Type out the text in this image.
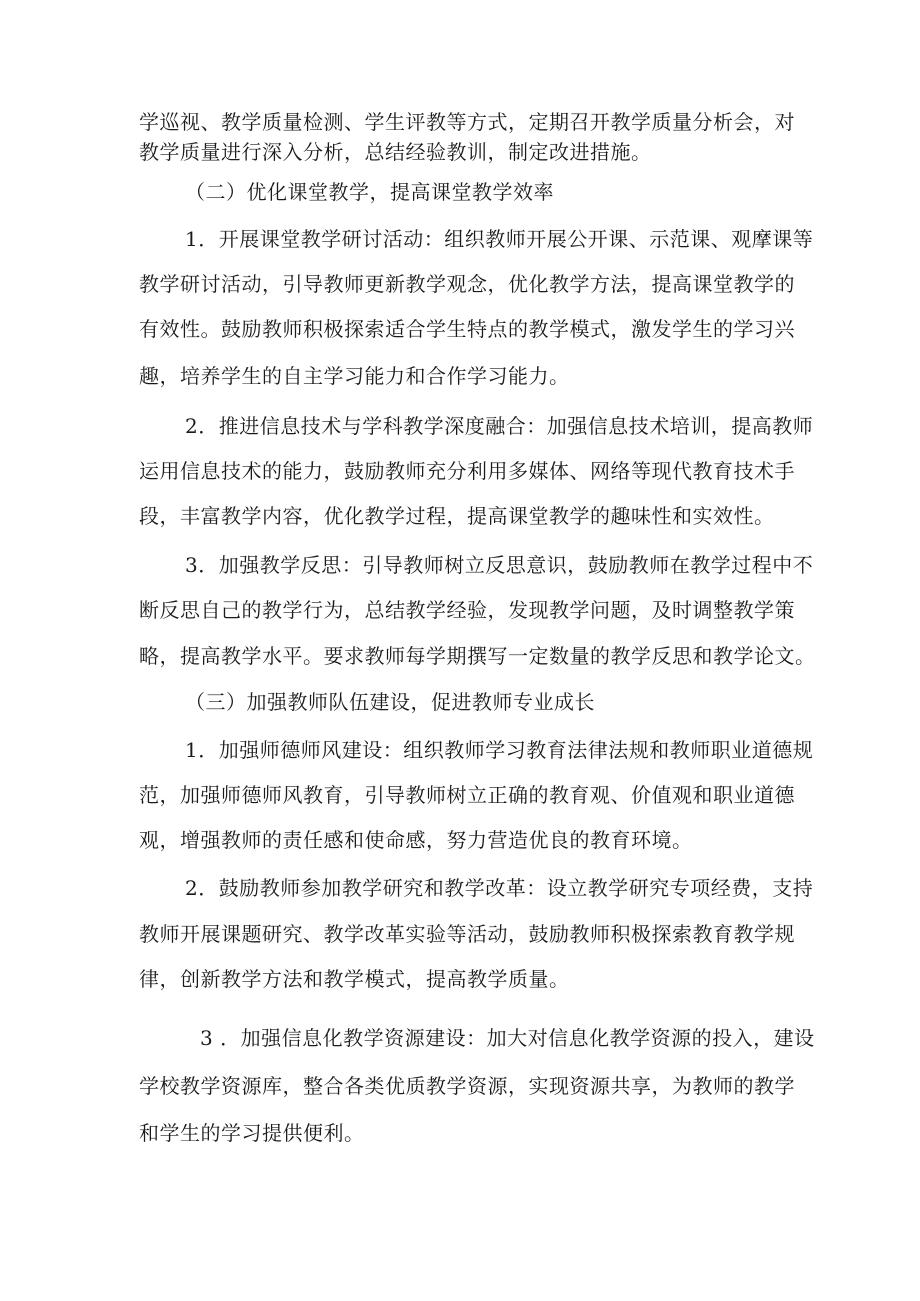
学巡视、教学质量检测、学生评教等方式，定期召开教学质量分析会，对
教学质量进行深入分析，总结经验教训，制定改进措施。
（二）优化课堂教学，提高课堂教学效率
1．开展课堂教学研讨活动：组织教师开展公开课、示范课、观摩课等
教学研讨活动，引导教师更新教学观念，优化教学方法，提高课堂教学的
有效性。鼓励教师积极探索适合学生特点的教学模式，激发学生的学习兴
趣，培养学生的自主学习能力和合作学习能力。
2．推进信息技术与学科教学深度融合：加强信息技术培训，提高教师
运用信息技术的能力，鼓励教师充分利用多媒体、网络等现代教育技术手
段，丰富教学内容，优化教学过程，提高课堂教学的趣味性和实效性。
3．加强教学反思：引导教师树立反思意识，鼓励教师在教学过程中不
断反思自己的教学行为，总结教学经验，发现教学问题，及时调整教学策
略，提高教学水平。要求教师每学期撰写一定数量的教学反思和教学论文。
（三）加强教师队伍建设，促进教师专业成长
1．加强师德师风建设：组织教师学习教育法律法规和教师职业道德规
范，加强师德师风教育，引导教师树立正确的教育观、价值观和职业道德
观，增强教师的责任感和使命感，努力营造优良的教育环境。
2．鼓励教师参加教学研究和教学改革：设立教学研究专项经费，支持
教师开展课题研究、教学改革实验等活动，鼓励教师积极探索教育教学规
律，创新教学方法和教学模式，提高教学质量。
3 ．加强信息化教学资源建设：加大对信息化教学资源的投入，建设
学校教学资源库，整合各类优质教学资源，实现资源共享，为教师的教学
和学生的学习提供便利。
